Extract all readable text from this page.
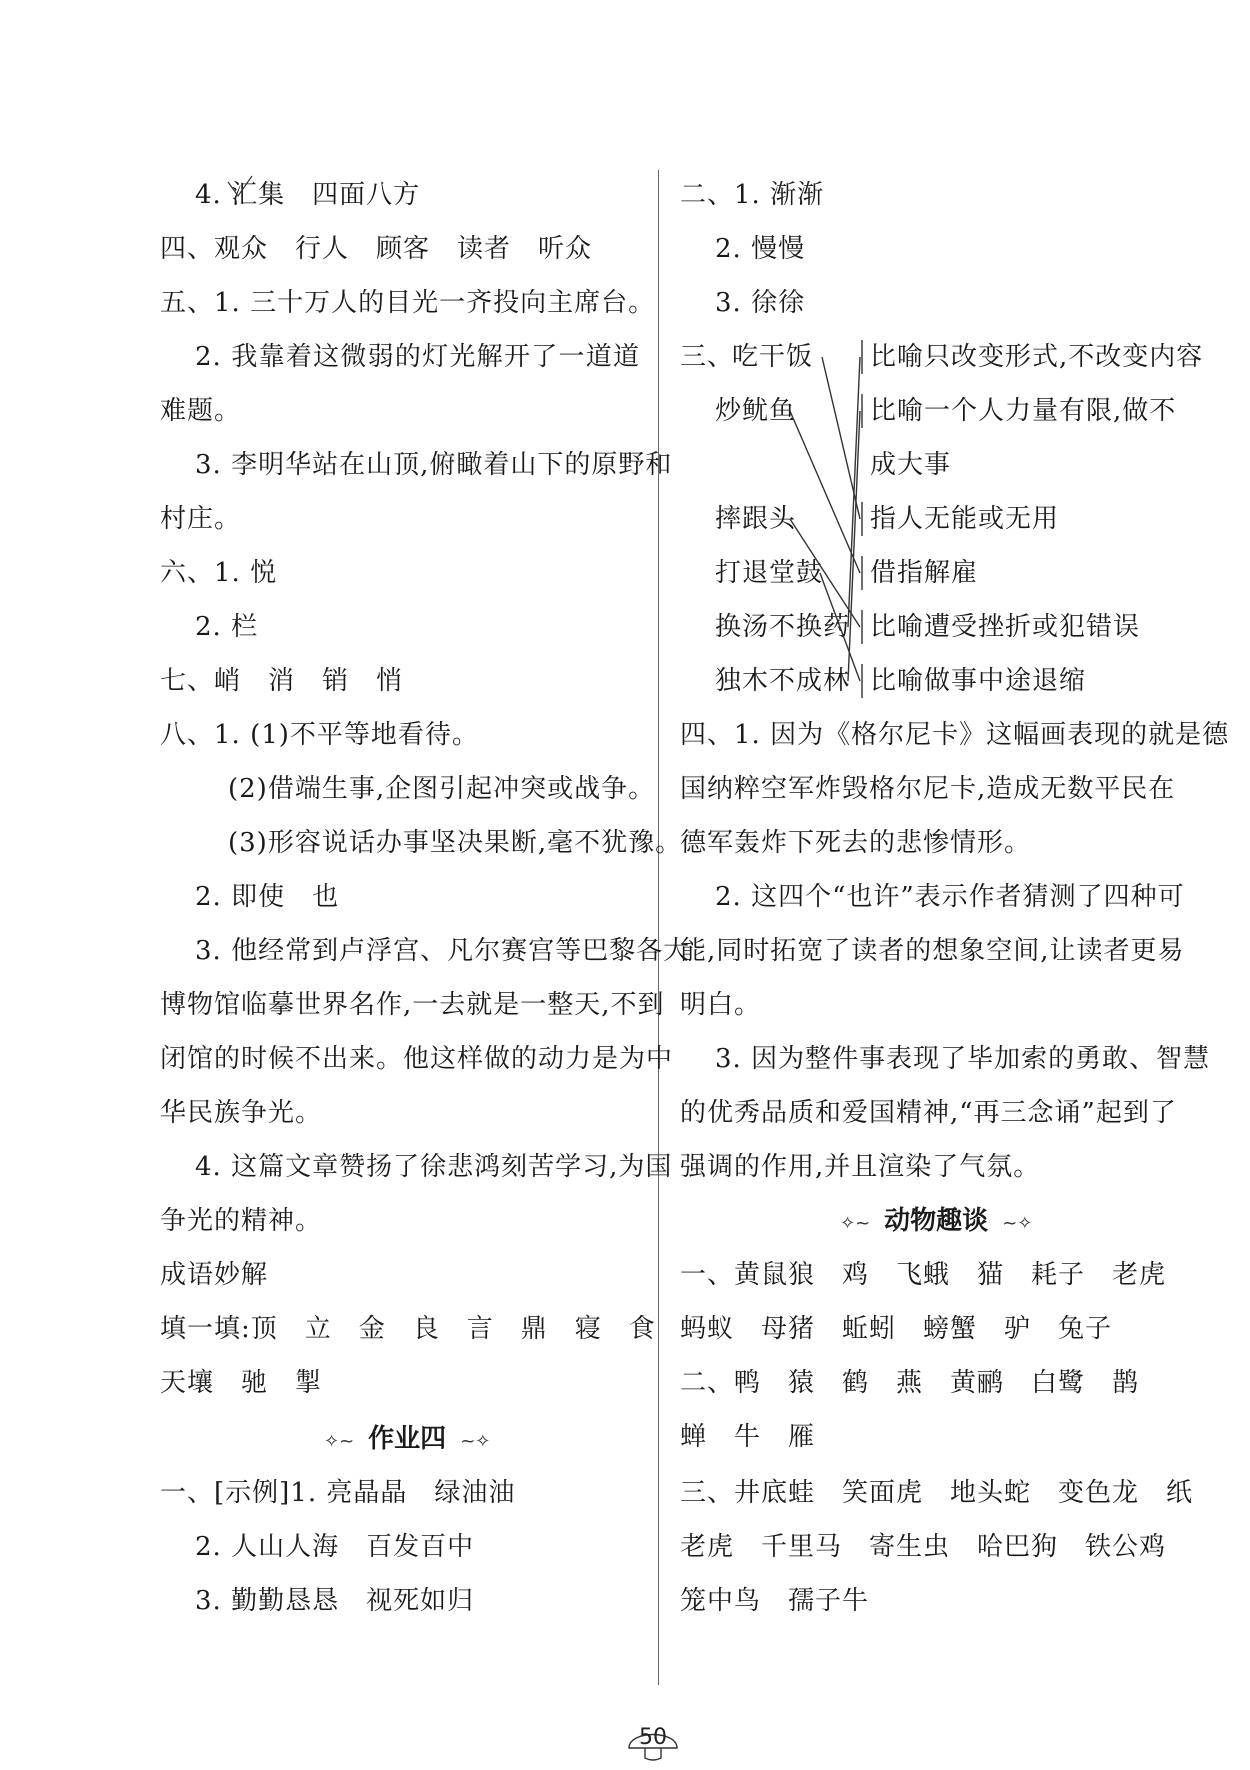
4. 汇集　四面八方
四、观众　行人　顾客　读者　听众
五、1. 三十万人的目光一齐投向主席台。
2. 我靠着这微弱的灯光解开了一道道
难题。
3. 李明华站在山顶,俯瞰着山下的原野和
村庄。
六、1. 悦
2. 栏
七、峭　消　销　悄
八、1. (1)不平等地看待。
(2)借端生事,企图引起冲突或战争。
(3)形容说话办事坚决果断,毫不犹豫。
2. 即使　也
3. 他经常到卢浮宫、凡尔赛宫等巴黎各大
博物馆临摹世界名作,一去就是一整天,不到
闭馆的时候不出来。他这样做的动力是为中
华民族争光。
4. 这篇文章赞扬了徐悲鸿刻苦学习,为国
争光的精神。
成语妙解
填一填:顶　立　金　良　言　鼎　寝　食
天壤　驰　掣
✧~ 作业四 ~✧
一、[示例]1. 亮晶晶　绿油油
2. 人山人海　百发百中
3. 勤勤恳恳　视死如归
二、1. 渐渐
2. 慢慢
3. 徐徐
三、
吃干饭
炒鱿鱼
摔跟头
打退堂鼓
换汤不换药
独木不成林
比喻只改变形式,不改变内容
比喻一个人力量有限,做不
成大事
指人无能或无用
借指解雇
比喻遭受挫折或犯错误
比喻做事中途退缩
四、1. 因为《格尔尼卡》这幅画表现的就是德
国纳粹空军炸毁格尔尼卡,造成无数平民在
德军轰炸下死去的悲惨情形。
2. 这四个“也许”表示作者猜测了四种可
能,同时拓宽了读者的想象空间,让读者更易
明白。
3. 因为整件事表现了毕加索的勇敢、智慧
的优秀品质和爱国精神,“再三念诵”起到了
强调的作用,并且渲染了气氛。
✧~ 动物趣谈 ~✧
一、黄鼠狼　鸡　飞蛾　猫　耗子　老虎
蚂蚁　母猪　蚯蚓　螃蟹　驴　兔子
二、鸭　猿　鹤　燕　黄鹂　白鹭　鹊
蝉　牛　雁
三、井底蛙　笑面虎　地头蛇　变色龙　纸
老虎　千里马　寄生虫　哈巴狗　铁公鸡
笼中鸟　孺子牛
50
